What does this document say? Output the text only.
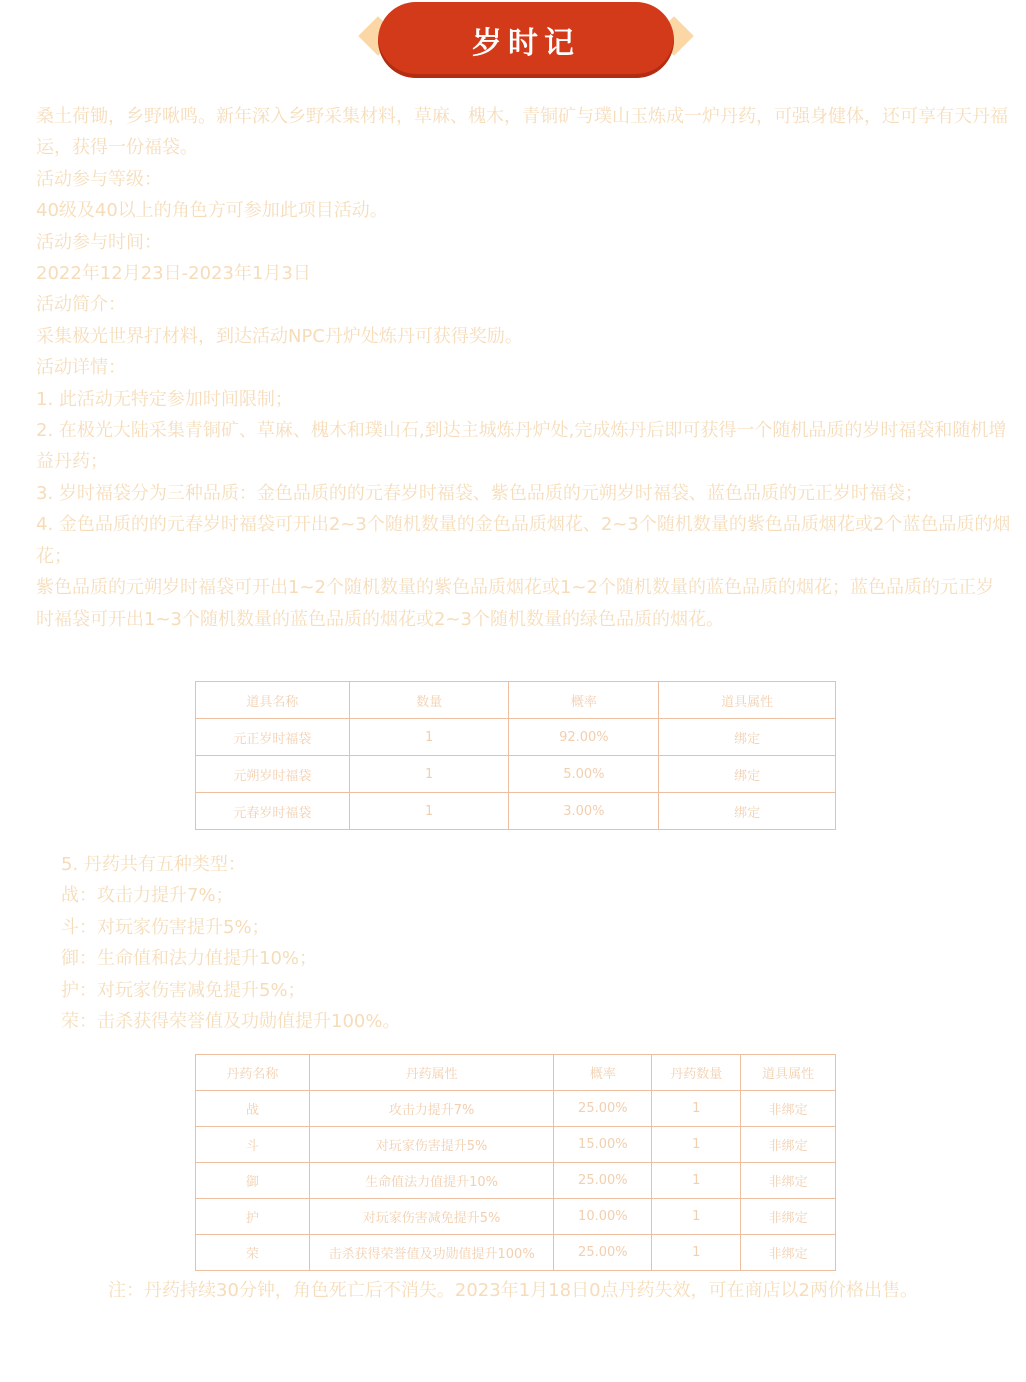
岁时记

桑土荷锄，乡野啾鸣。新年深入乡野采集材料，草麻、槐木，青铜矿与璞山玉炼成一炉丹药，可强身健体，还可享有天丹福运，获得一份福袋。

活动参与等级：

40级及40以上的角色方可参加此项目活动。

活动参与时间：

2022年12月23日-2023年1月3日

活动简介：

采集极光世界打材料，到达活动NPC丹炉处炼丹可获得奖励。

活动详情：

1. 此活动无特定参加时间限制；

2. 在极光大陆采集青铜矿、草麻、槐木和璞山石,到达主城炼丹炉处,完成炼丹后即可获得一个随机品质的岁时福袋和随机增益丹药；

3. 岁时福袋分为三种品质：金色品质的的元春岁时福袋、紫色品质的元朔岁时福袋、蓝色品质的元正岁时福袋；

4. 金色品质的的元春岁时福袋可开出2~3个随机数量的金色品质烟花、2~3个随机数量的紫色品质烟花或2个蓝色品质的烟花；

紫色品质的元朔岁时福袋可开出1~2个随机数量的紫色品质烟花或1~2个随机数量的蓝色品质的烟花；蓝色品质的元正岁时福袋可开出1~3个随机数量的蓝色品质的烟花或2~3个随机数量的绿色品质的烟花。

道具名称	数量	概率	道具属性
元正岁时福袋	1	92.00%	绑定
元朔岁时福袋	1	5.00%	绑定
元春岁时福袋	1	3.00%	绑定

5. 丹药共有五种类型：

战：攻击力提升7%；

斗：对玩家伤害提升5%；

御：生命值和法力值提升10%；

护：对玩家伤害减免提升5%；

荣：击杀获得荣誉值及功勋值提升100%。

丹药名称	丹药属性	概率	丹药数量	道具属性
战	攻击力提升7%	25.00%	1	非绑定
斗	对玩家伤害提升5%	15.00%	1	非绑定
御	生命值法力值提升10%	25.00%	1	非绑定
护	对玩家伤害减免提升5%	10.00%	1	非绑定
荣	击杀获得荣誉值及功勋值提升100%	25.00%	1	非绑定
注：丹药持续30分钟，角色死亡后不消失。2023年1月18日0点丹药失效，可在商店以2两价格出售。
